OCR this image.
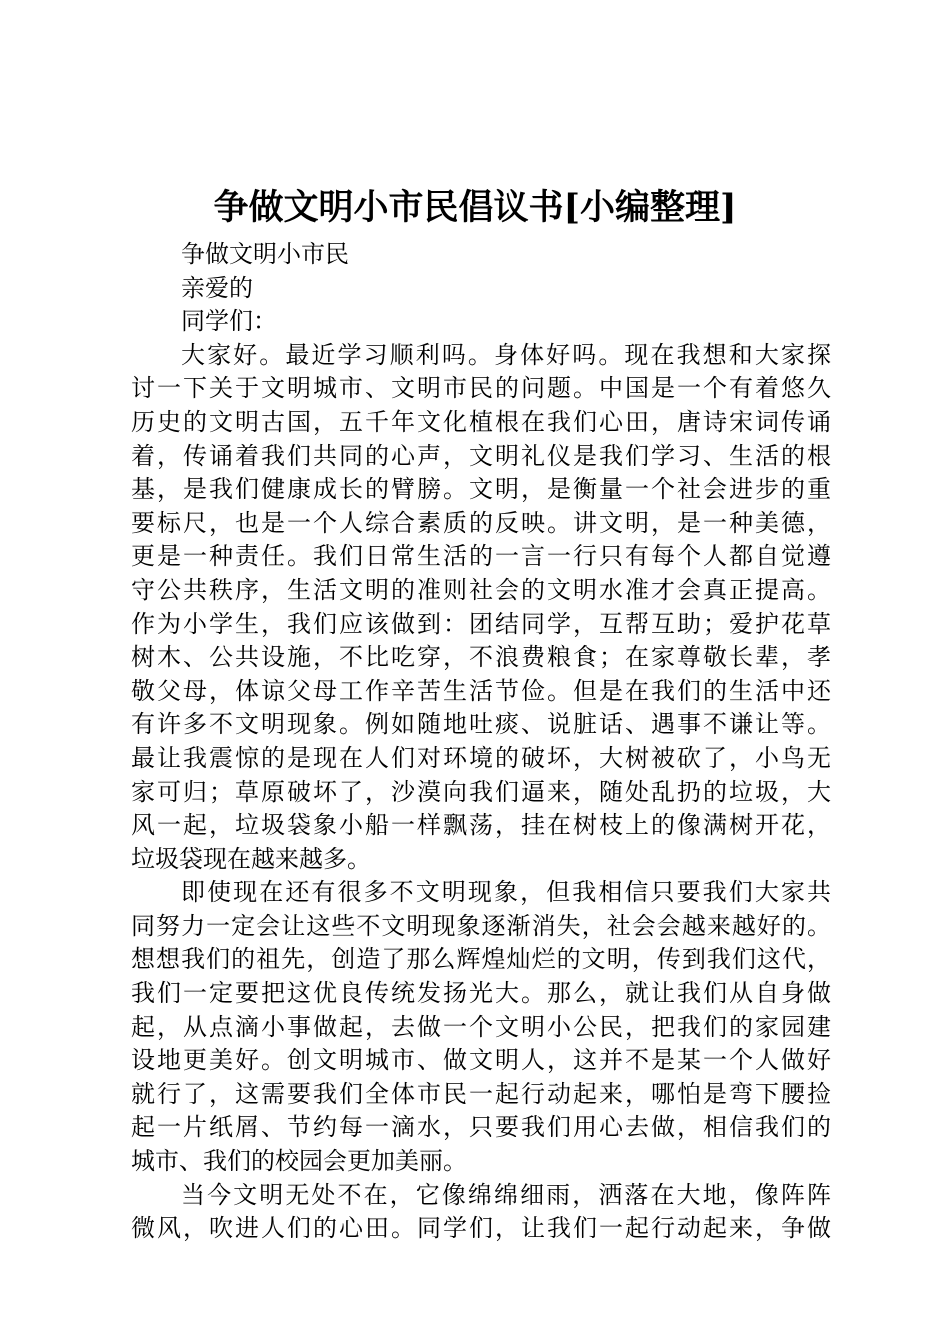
争做文明小市民倡议书[小编整理]
争做文明小市民
亲爱的
同学们：
大家好。最近学习顺利吗。身体好吗。现在我想和大家探
讨一下关于文明城市、文明市民的问题。中国是一个有着悠久
历史的文明古国，五千年文化植根在我们心田，唐诗宋词传诵
着，传诵着我们共同的心声，文明礼仪是我们学习、生活的根
基，是我们健康成长的臂膀。文明，是衡量一个社会进步的重
要标尺，也是一个人综合素质的反映。讲文明，是一种美德，
更是一种责任。我们日常生活的一言一行只有每个人都自觉遵
守公共秩序，生活文明的准则社会的文明水准才会真正提高。
作为小学生，我们应该做到：团结同学，互帮互助；爱护花草
树木、公共设施，不比吃穿，不浪费粮食；在家尊敬长辈，孝
敬父母，体谅父母工作辛苦生活节俭。但是在我们的生活中还
有许多不文明现象。例如随地吐痰、说脏话、遇事不谦让等。
最让我震惊的是现在人们对环境的破坏，大树被砍了，小鸟无
家可归；草原破坏了，沙漠向我们逼来，随处乱扔的垃圾，大
风一起，垃圾袋象小船一样飘荡，挂在树枝上的像满树开花，
垃圾袋现在越来越多。
即使现在还有很多不文明现象，但我相信只要我们大家共
同努力一定会让这些不文明现象逐渐消失，社会会越来越好的。
想想我们的祖先，创造了那么辉煌灿烂的文明，传到我们这代，
我们一定要把这优良传统发扬光大。那么，就让我们从自身做
起，从点滴小事做起，去做一个文明小公民，把我们的家园建
设地更美好。创文明城市、做文明人，这并不是某一个人做好
就行了，这需要我们全体市民一起行动起来，哪怕是弯下腰捡
起一片纸屑、节约每一滴水，只要我们用心去做，相信我们的
城市、我们的校园会更加美丽。
当今文明无处不在，它像绵绵细雨，洒落在大地，像阵阵
微风，吹进人们的心田。同学们，让我们一起行动起来，争做
